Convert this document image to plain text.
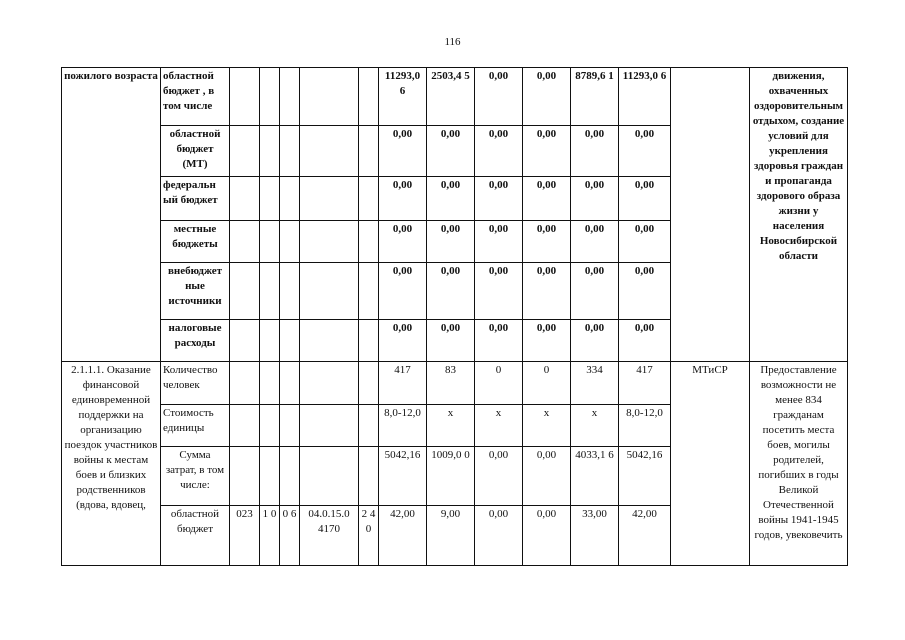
116
пожилого возраста	областной бюджет , в том числе						11293,0 6	2503,4 5	0,00	0,00	8789,6 1	11293,0 6		движения, охваченных оздоровительным отдыхом, создание условий для укрепления здоровья граждан и пропаганда здорового образа жизни у населения Новосибирской области
	областной бюджет (МТ)						0,00	0,00	0,00	0,00	0,00	0,00		
	федеральн ый бюджет						0,00	0,00	0,00	0,00	0,00	0,00		
	местные бюджеты						0,00	0,00	0,00	0,00	0,00	0,00		
	внебюджет ные источники						0,00	0,00	0,00	0,00	0,00	0,00		
	налоговые расходы						0,00	0,00	0,00	0,00	0,00	0,00		
2.1.1.1. Оказание финансовой единовременной поддержки на организацию поездок участников войны к местам боев и близких родственников (вдова, вдовец,	Количество человек						417	83	0	0	334	417	МТиСР	Предоставление возможности не менее 834 гражданам посетить места боев, могилы родителей, погибших в годы Великой Отечественной войны 1941-1945 годов, увековечить
	Стоимость единицы						8,0-12,0	x	x	x	x	8,0-12,0		
	Сумма затрат, в том числе:						5042,16	1009,0 0	0,00	0,00	4033,1 6	5042,16		
	областной бюджет	023	1 0	0 6	04.0.15.0 4170	2 4 0	42,00	9,00	0,00	0,00	33,00	42,00		
